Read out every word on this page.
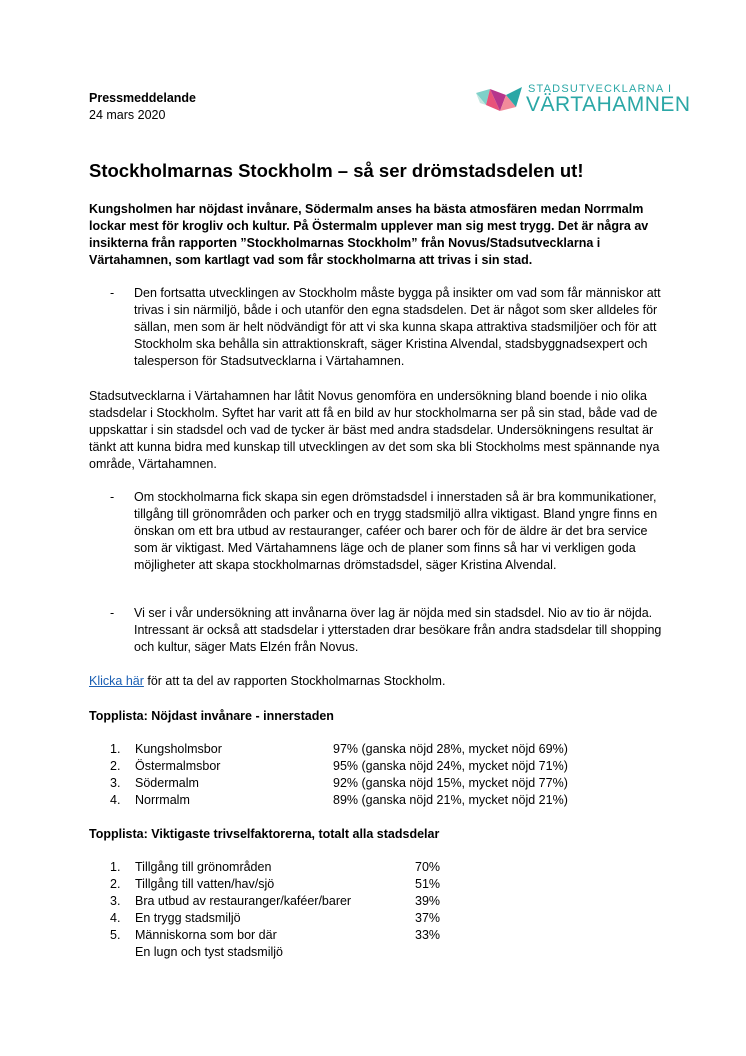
Pressmeddelande
24 mars 2020
STADSUTVECKLARNA I
VÄRTAHAMNEN
Stockholmarnas Stockholm – så ser drömstadsdelen ut!

Kungsholmen har nöjdast invånare, Södermalm anses ha bästa atmosfären medan Norrmalm lockar mest för krogliv och kultur. På Östermalm upplever man sig mest trygg. Det är några av insikterna från rapporten ”Stockholmarnas Stockholm” från Novus/Stadsutvecklarna i Värtahamnen, som kartlagt vad som får stockholmarna att trivas i sin stad.

- Den fortsatta utvecklingen av Stockholm måste bygga på insikter om vad som får människor att trivas i sin närmiljö, både i och utanför den egna stadsdelen. Det är något som sker alldeles för sällan, men som är helt nödvändigt för att vi ska kunna skapa attraktiva stadsmiljöer och för att Stockholm ska behålla sin attraktionskraft, säger Kristina Alvendal, stadsbyggnadsexpert och talesperson för Stadsutvecklarna i Värtahamnen.

Stadsutvecklarna i Värtahamnen har låtit Novus genomföra en undersökning bland boende i nio olika stadsdelar i Stockholm. Syftet har varit att få en bild av hur stockholmarna ser på sin stad, både vad de uppskattar i sin stadsdel och vad de tycker är bäst med andra stadsdelar. Undersökningens resultat är tänkt att kunna bidra med kunskap till utvecklingen av det som ska bli Stockholms mest spännande nya område, Värtahamnen.

- Om stockholmarna fick skapa sin egen drömstadsdel i innerstaden så är bra kommunikationer, tillgång till grönområden och parker och en trygg stadsmiljö allra viktigast. Bland yngre finns en önskan om ett bra utbud av restauranger, caféer och barer och för de äldre är det bra service som är viktigast. Med Värtahamnens läge och de planer som finns så har vi verkligen goda möjligheter att skapa stockholmarnas drömstadsdel, säger Kristina Alvendal.
- Vi ser i vår undersökning att invånarna över lag är nöjda med sin stadsdel. Nio av tio är nöjda. Intressant är också att stadsdelar i ytterstaden drar besökare från andra stadsdelar till shopping och kultur, säger Mats Elzén från Novus.

Klicka här för att ta del av rapporten Stockholmarnas Stockholm.

Topplista: Nöjdast invånare - innerstaden
1. Kungsholmsbor	97% (ganska nöjd 28%, mycket nöjd 69%)
2. Östermalmsbor	95% (ganska nöjd 24%, mycket nöjd 71%)
3. Södermalm	92% (ganska nöjd 15%, mycket nöjd 77%)
4. Norrmalm	89% (ganska nöjd 21%, mycket nöjd 21%)
Topplista: Viktigaste trivselfaktorerna, totalt alla stadsdelar
1. Tillgång till grönområden	70%
2. Tillgång till vatten/hav/sjö	51%
3. Bra utbud av restauranger/kaféer/barer	39%
4. En trygg stadsmiljö	37%
5. Människorna som bor där	33%
En lugn och tyst stadsmiljö
